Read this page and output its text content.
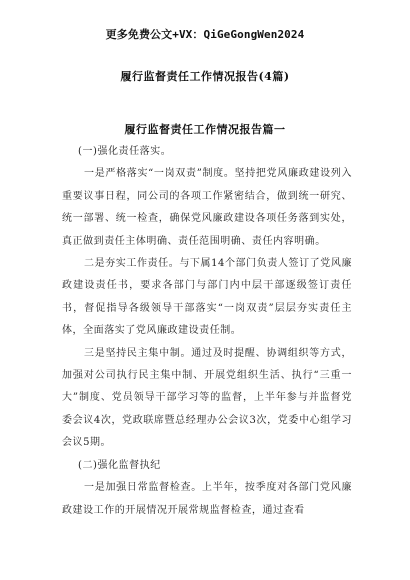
更多免费公文+VX：QiGeGongWen2024
履行监督责任工作情况报告(4篇)
履行监督责任工作情况报告篇一

(一)强化责任落实。

一是严格落实“一岗双责”制度。坚持把党风廉政建设列入重要议事日程，同公司的各项工作紧密结合，做到统一研究、统一部署、统一检查，确保党风廉政建设各项任务落到实处，真正做到责任主体明确、责任范围明确、责任内容明确。

二是夯实工作责任。与下属14个部门负责人签订了党风廉政建设责任书，要求各部门与部门内中层干部逐级签订责任书，督促指导各级领导干部落实“一岗双责”层层夯实责任主体，全面落实了党风廉政建设责任制。

三是坚持民主集中制。通过及时提醒、协调组织等方式，加强对公司执行民主集中制、开展党组织生活、执行“三重一大”制度、党员领导干部学习等的监督，上半年参与并监督党委会议4次，党政联席暨总经理办公会议3次，党委中心组学习会议5期。

(二)强化监督执纪

一是加强日常监督检查。上半年，按季度对各部门党风廉政建设工作的开展情况开展常规监督检查，通过查看
